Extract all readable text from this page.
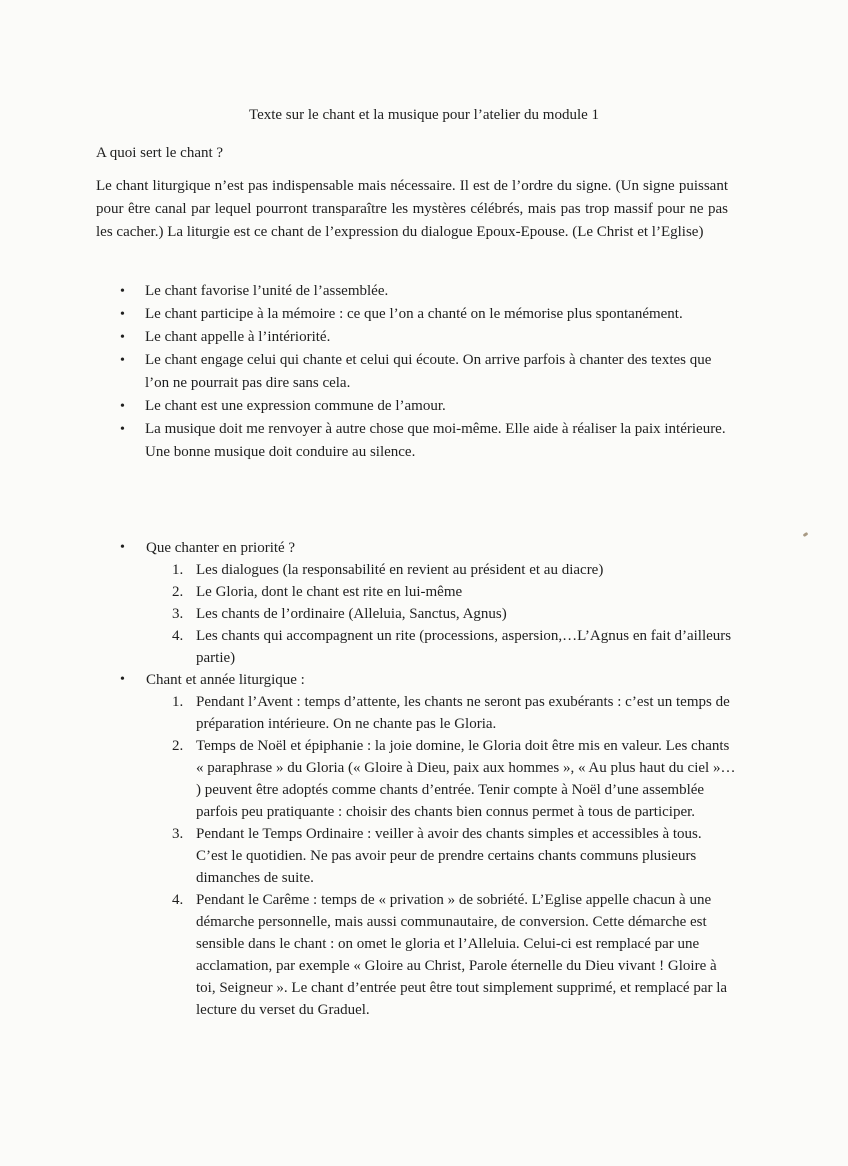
Texte sur le chant et la musique pour l’atelier du module 1
A quoi sert le chant ?

Le chant liturgique n’est pas indispensable mais nécessaire. Il est de l’ordre du signe. (Un signe puissant pour être canal par lequel pourront transparaître les mystères célébrés, mais pas trop massif pour ne pas les cacher.) La liturgie est ce chant de l’expression du dialogue Epoux-Epouse. (Le Christ et l’Eglise)

• Le chant favorise l’unité de l’assemblée.
• Le chant participe à la mémoire : ce que l’on a chanté on le mémorise plus spontanément.
• Le chant appelle à l’intériorité.
• Le chant engage celui qui chante et celui qui écoute. On arrive parfois à chanter des textes que l’on ne pourrait pas dire sans cela.
• Le chant est une expression commune de l’amour.
• La musique doit me renvoyer à autre chose que moi-même. Elle aide à réaliser la paix intérieure. Une bonne musique doit conduire au silence.
• Que chanter en priorité ?
1. Les dialogues (la responsabilité en revient au président et au diacre)
2. Le Gloria, dont le chant est rite en lui-même
3. Les chants de l’ordinaire (Alleluia, Sanctus, Agnus)
4. Les chants qui accompagnent un rite (processions, aspersion,…L’Agnus en fait d’ailleurs partie)
• Chant et année liturgique :
1. Pendant l’Avent : temps d’attente, les chants ne seront pas exubérants : c’est un temps de préparation intérieure. On ne chante pas le Gloria.
2. Temps de Noël et épiphanie : la joie domine, le Gloria doit être mis en valeur. Les chants « paraphrase » du Gloria (« Gloire à Dieu, paix aux hommes », « Au plus haut du ciel »… ) peuvent être adoptés comme chants d’entrée. Tenir compte à Noël d’une assemblée parfois peu pratiquante : choisir des chants bien connus permet à tous de participer.
3. Pendant le Temps Ordinaire : veiller à avoir des chants simples et accessibles à tous. C’est le quotidien. Ne pas avoir peur de prendre certains chants communs plusieurs dimanches de suite.
4. Pendant le Carême : temps de « privation » de sobriété. L’Eglise appelle chacun à une démarche personnelle, mais aussi communautaire, de conversion. Cette démarche est sensible dans le chant : on omet le gloria et l’Alleluia. Celui-ci est remplacé par une acclamation, par exemple « Gloire au Christ, Parole éternelle du Dieu vivant ! Gloire à toi, Seigneur ». Le chant d’entrée peut être tout simplement supprimé, et remplacé par la lecture du verset du Graduel.
